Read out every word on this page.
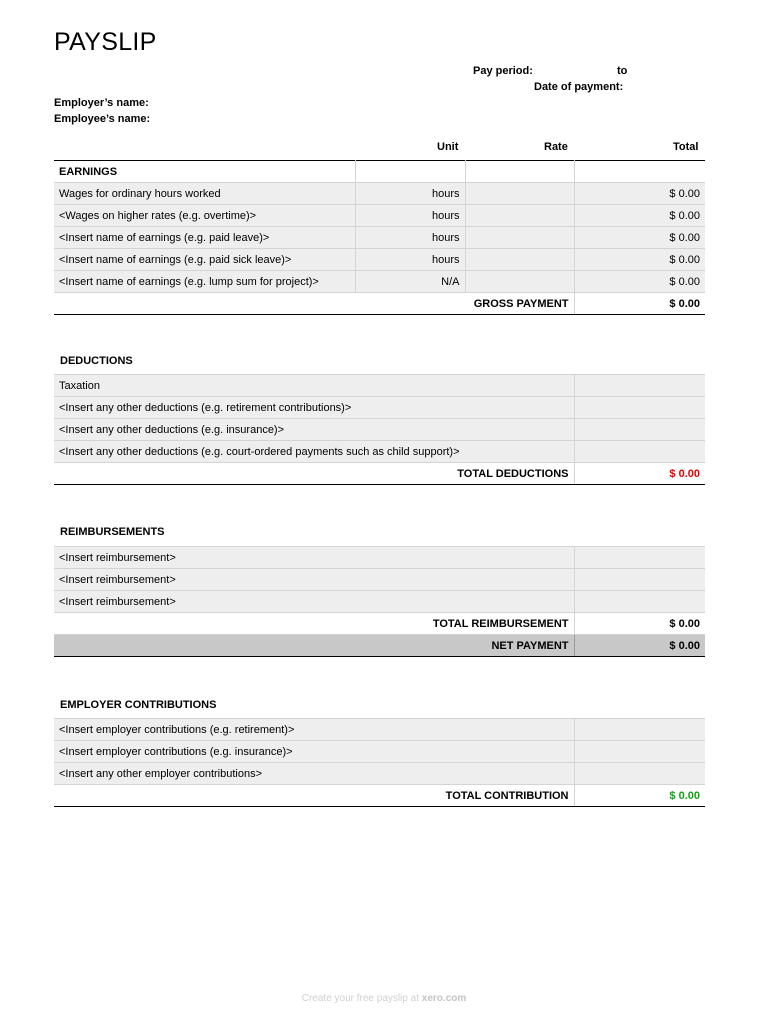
PAYSLIP
Pay period:	to
Date of payment:
Employer’s name:
Employee’s name:
Unit	Rate	Total
EARNINGS			
Wages for ordinary hours worked	hours		$ 0.00
<Wages on higher rates (e.g. overtime)>	hours		$ 0.00
<Insert name of earnings (e.g. paid leave)>	hours		$ 0.00
<Insert name of earnings (e.g. paid sick leave)>	hours		$ 0.00
<Insert name of earnings (e.g. lump sum for project)>	N/A		$ 0.00
GROSS PAYMENT			$ 0.00
DEDUCTIONS
Taxation	
<Insert any other deductions (e.g. retirement contributions)>	
<Insert any other deductions (e.g. insurance)>	
<Insert any other deductions (e.g. court-ordered payments such as child support)>	
TOTAL DEDUCTIONS	$ 0.00
REIMBURSEMENTS
<Insert reimbursement>	
<Insert reimbursement>	
<Insert reimbursement>	
TOTAL REIMBURSEMENT	$ 0.00
NET PAYMENT	$ 0.00
EMPLOYER CONTRIBUTIONS
<Insert employer contributions (e.g. retirement)>	
<Insert employer contributions (e.g. insurance)>	
<Insert any other employer contributions>	
TOTAL CONTRIBUTION	$ 0.00
Create your free payslip at xero.com
